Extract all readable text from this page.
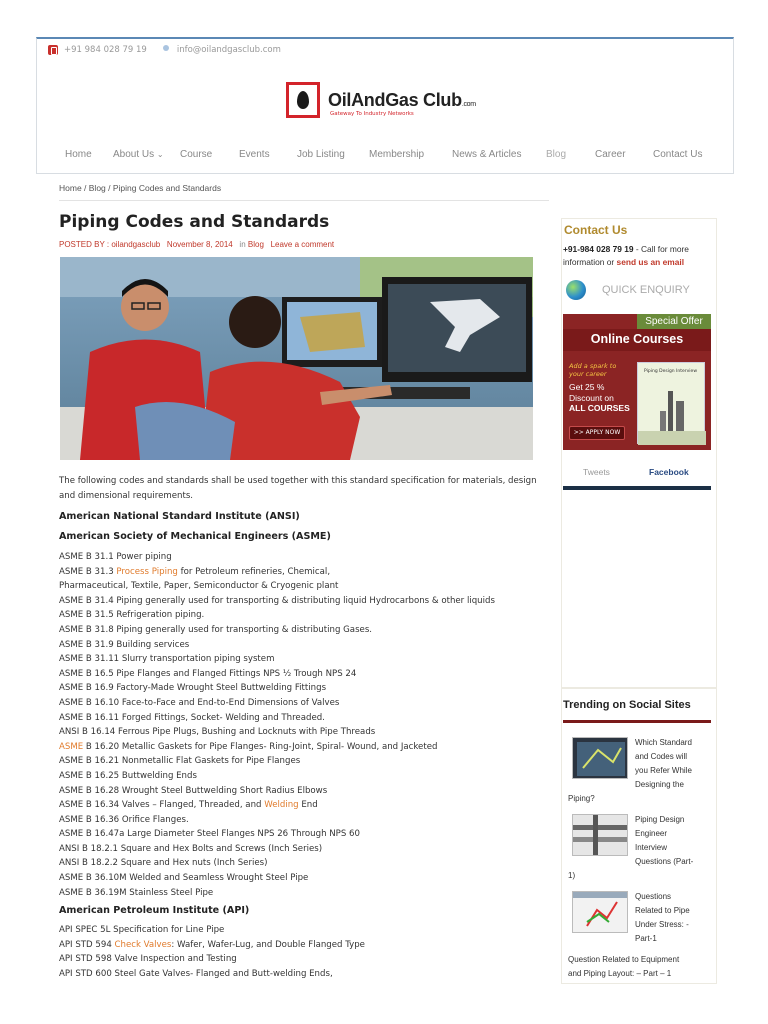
+91 984 028 79 19	info@oilandgasclub.com
OilAndGas Club.com
Gateway To Industry Networks
Home About Us ⌄ Course	Events	Job Listing Membership	News & Articles Blog	Career	Contact Us
Home / Blog / Piping Codes and Standards
Piping Codes and Standards
POSTED BY : oilandgasclub November 8, 2014 in Blog Leave a comment

The following codes and standards shall be used together with this standard specification for materials, design and dimensional requirements.

American National Standard Institute (ANSI)
American Society of Mechanical Engineers (ASME)
ASME B 31.1 Power piping
ASME B 31.3 Process Piping for Petroleum refineries, Chemical,
Pharmaceutical, Textile, Paper, Semiconductor & Cryogenic plant
ASME B 31.4 Piping generally used for transporting & distributing liquid Hydrocarbons & other liquids
ASME B 31.5 Refrigeration piping.
ASME B 31.8 Piping generally used for transporting & distributing Gases.
ASME B 31.9 Building services
ASME B 31.11 Slurry transportation piping system
ASME B 16.5 Pipe Flanges and Flanged Fittings NPS ½ Trough NPS 24
ASME B 16.9 Factory-Made Wrought Steel Buttwelding Fittings
ASME B 16.10 Face-to-Face and End-to-End Dimensions of Valves
ASME B 16.11 Forged Fittings, Socket- Welding and Threaded.
ANSI B 16.14 Ferrous Pipe Plugs, Bushing and Locknuts with Pipe Threads
ASME B 16.20 Metallic Gaskets for Pipe Flanges- Ring-Joint, Spiral- Wound, and Jacketed
ASME B 16.21 Nonmetallic Flat Gaskets for Pipe Flanges
ASME B 16.25 Buttwelding Ends
ASME B 16.28 Wrought Steel Buttwelding Short Radius Elbows
ASME B 16.34 Valves – Flanged, Threaded, and Welding End
ASME B 16.36 Orifice Flanges.
ASME B 16.47a Large Diameter Steel Flanges NPS 26 Through NPS 60
ANSI B 18.2.1 Square and Hex Bolts and Screws (Inch Series)
ANSI B 18.2.2 Square and Hex nuts (Inch Series)
ASME B 36.10M Welded and Seamless Wrought Steel Pipe
ASME B 36.19M Stainless Steel Pipe
American Petroleum Institute (API)
API SPEC 5L Specification for Line Pipe
API STD 594 Check Valves: Wafer, Wafer-Lug, and Double Flanged Type
API STD 598 Valve Inspection and Testing
API STD 600 Steel Gate Valves- Flanged and Butt-welding Ends,
Contact Us
+91-984 028 79 19 - Call for more information or send us an email
QUICK ENQUIRY
Special Offer
Online Courses
Add a spark to your career
Get 25 %
Discount on
ALL COURSES
>> APPLY NOW
Piping Design Interview
Tweets	Facebook
Trending on Social Sites
Which Standard
and Codes will
you Refer While
Designing the
Piping?
Piping Design
Engineer
Interview
Questions (Part-
1)
Questions
Related to Pipe
Under Stress: -
Part-1
Question Related to Equipment
and Piping Layout: – Part – 1
